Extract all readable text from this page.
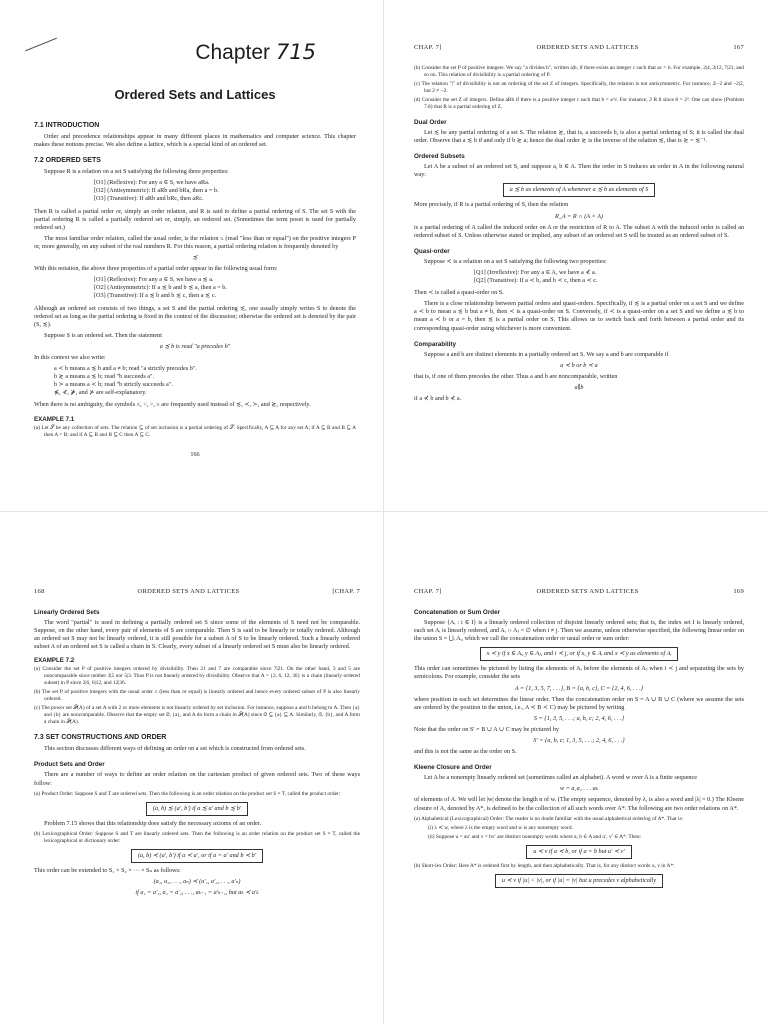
Chapter 715
Ordered Sets and Lattices
7.1 INTRODUCTION

Order and precedence relationships appear in many different places in mathematics and computer science. This chapter makes these notions precise. We also define a lattice, which is a special kind of an ordered set.

7.2 ORDERED SETS

Suppose R is a relation on a set S satisfying the following three properties:

[O1] (Reflexive): For any a ∈ S, we have aRa.
[O2] (Antisymmetric): If aRb and bRa, then a = b.
[O3] (Transitive): If aRb and bRc, then aRc.

Then R is called a partial order or, simply an order relation, and R is said to define a partial ordering of S. The set S with the partial ordering R is called a partially ordered set or, simply, an ordered set. (Sometimes the term poset is used for partially ordered set.)

The most familiar order relation, called the usual order, is the relation ≤ (read "less than or equal") on the positive integers P or, more generally, on any subset of the real numbers R. For this reason, a partial ordering relation is frequently denoted by

≾

With this notation, the above three properties of a partial order appear in the following usual form:

[O1] (Reflexive): For any a ∈ S, we have a ≾ a.
[O2] (Antisymmetric): If a ≾ b and b ≾ a, then a = b.
[O3] (Transitive): If a ≾ b and b ≾ c, then a ≾ c.

Although an ordered set consists of two things, a set S and the partial ordering ≾, one usually simply writes S to denote the ordered set as long as the partial ordering is fixed in the context of the discussion; otherwise the ordered set is denoted by the pair (S, ≾).

Suppose S is an ordered set. Then the statement

a ≾ b is read "a precedes b"

In this context we also write:

a ≺ b means a ≾ b and a ≠ b; read "a strictly precedes b".
b ≿ a means a ≾ b; read "b succeeds a".
b ≻ a means a ≺ b; read "b strictly succeeds a".
⋠, ⊀, ⋡, and ⊁ are self-explanatory.

When there is no ambiguity, the symbols ≤, <, >, ≥ are frequently used instead of ≾, ≺, ≻, and ≿, respectively.

EXAMPLE 7.1
(a) Let 𝒮 be any collection of sets. The relation ⊆ of set inclusion is a partial ordering of 𝒮. Specifically, A ⊆ A for any set A; if A ⊆ B and B ⊆ A then A = B; and if A ⊆ B and B ⊆ C then A ⊆ C.
166
CHAP. 7]	ORDERED SETS AND LATTICES	167
(b) Consider the set P of positive integers. We say "a divides b", written a|b, if there exists an integer c such that ac = b. For example, 2|4, 3|12, 7|21, and so on. This relation of divisibility is a partial ordering of P.
(c) The relation "|" of divisibility is not an ordering of the set Z of integers. Specifically, the relation is not antisymmetric. For instance, 2|−2 and −2|2, but 2 ≠ −2.
(d) Consider the set Z of integers. Define aRb if there is a positive integer r such that b = a^r. For instance, 2 R 8 since 8 = 2³. One can show (Problem 7.8) that R is a partial ordering of Z.
Dual Order

Let ≾ be any partial ordering of a set S. The relation ≿, that is, a succeeds b, is also a partial ordering of S; it is called the dual order. Observe that a ≾ b if and only if b ≿ a; hence the dual order ≿ is the inverse of the relation ≾, that is ≿ = ≾⁻¹.

Ordered Subsets

Let A be a subset of an ordered set S, and suppose a, b ∈ A. Then the order in S induces an order in A in the following natural way:

a ≾ b as elements of A whenever a ≾ b as elements of S

More precisely, if R is a partial ordering of S, then the relation

R_A = R ∩ (A × A)

is a partial ordering of A called the induced order on A or the restriction of R to A. The subset A with the induced order is called an ordered subset of S. Unless otherwise stated or implied, any subset of an ordered set S will be treated as an ordered subset of S.

Quasi-order

Suppose ≺ is a relation on a set S satisfying the following two properties:

[Q1] (Irreflexive): For any a ∈ A, we have a ⊀ a.
[Q2] (Transitive): If a ≺ b, and b ≺ c, then a ≺ c.

Then ≺ is called a quasi-order on S.

There is a close relationship between partial orders and quasi-orders. Specifically, if ≾ is a partial order on a set S and we define a ≺ b to mean a ≾ b but a ≠ b, then ≺ is a quasi-order on S. Conversely, if ≺ is a quasi-order on a set S and we define a ≾ b to mean a ≺ b or a = b, then ≾ is a partial order on S. This allows us to switch back and forth between a partial order and its corresponding quasi-order using whichever is more convenient.

Comparability

Suppose a and b are distinct elements in a partially ordered set S. We say a and b are comparable if

a ≺ b or b ≺ a

that is, if one of them precedes the other. Thus a and b are noncomparable, written

a∥b

if a ⊀ b and b ⊀ a.

168	ORDERED SETS AND LATTICES	[CHAP. 7
Linearly Ordered Sets

The word "partial" is used in defining a partially ordered set S since some of the elements of S need not be comparable. Suppose, on the other hand, every pair of elements of S are comparable. Then S is said to be linearly or totally ordered. Although an ordered set S may not be linearly ordered, it is still possible for a subset A of S to be linearly ordered. Such a linearly ordered subset A of an ordered set S is called a chain in S. Clearly, every subset of a linearly ordered set S must also be linearly ordered.

EXAMPLE 7.2
(a) Consider the set P of positive integers ordered by divisibility. Then 21 and 7 are comparable since 7|21. On the other hand, 3 and 5 are noncomparable since neither 3|5 nor 5|3. Thus P is not linearly ordered by divisibility. Observe that A = {2, 6, 12, 36} is a chain (linearly ordered subset) in P since 2|6, 6|12, and 12|36.
(b) The set P of positive integers with the usual order ≤ (less than or equal) is linearly ordered and hence every ordered subset of P is also linearly ordered.
(c) The power set 𝒫(A) of a set A with 2 or more elements is not linearly ordered by set inclusion. For instance, suppose a and b belong to A. Then {a} and {b} are noncomparable. Observe that the empty set ∅, {a}, and A do form a chain in 𝒫(A) since ∅ ⊆ {a} ⊆ A. Similarly, ∅, {b}, and A form a chain in 𝒫(A).
7.3 SET CONSTRUCTIONS AND ORDER

This section discusses different ways of defining an order on a set which is constructed from ordered sets.

Product Sets and Order

There are a number of ways to define an order relation on the cartesian product of given ordered sets. Two of these ways follow:

(a) Product Order: Suppose S and T are ordered sets. Then the following is an order relation on the product set S × T, called the product order:
(a, b) ≾ (a′, b′) if a ≾ a′ and b ≾ b′

Problem 7.15 shows that this relationship does satisfy the necessary axioms of an order.

(b) Lexicographical Order: Suppose S and T are linearly ordered sets. Then the following is an order relation on the product set S × T, called the lexicographical or dictionary order:
(a, b) ≺ (a′, b′) if a ≺ a′, or if a = a′ and b ≺ b′

This order can be extended to S₁ × S₂ × ··· × Sₙ as follows:

(a₁, a₂, . . ., aₙ) ≺ (a′₁, a′₂, . . ., a′ₙ)
if a₁ = a′₁, a₂ = a′₂, . . ., aₖ₋₁ = a′ₖ₋₁, but aₖ ≺ a′ₖ
CHAP. 7]	ORDERED SETS AND LATTICES	169
Concatenation or Sum Order

Suppose {Aᵢ : i ∈ I} is a linearly ordered collection of disjoint linearly ordered sets; that is, the index set I is linearly ordered, each set Aᵢ is linearly ordered, and Aᵢ ∩ Aⱼ = ∅ when i ≠ j. Then we assume, unless otherwise specified, the following linear order on the union S = ⋃ᵢ Aᵢ, which we call the concatenation order or usual order or sum order:

x ≺ y if x ∈ Aᵢ, y ∈ Aⱼ, and i ≺ j, or if x, y ∈ Aᵢ and x ≺ y as elements of Aᵢ

This order can sometimes be pictured by listing the elements of Aᵢ before the elements of Aⱼ when i ≺ j and separating the sets by semicolons. For example, consider the sets

A = {1, 3, 5, 7, . . .}, B = {a, b, c}, C = {2, 4, 6, . . .}

where position in each set determines the linear order. Then the concatenation order on S = A ∪ B ∪ C (where we assume the sets are ordered by the position in the union, i.e., A ≺ B ≺ C) may be pictured by writing

S = {1, 3, 5, . . .; a, b, c; 2, 4, 6, . . .}

Note that the order on S′ = B ∪ A ∪ C may be pictured by

S′ = {a, b, c; 1, 3, 5, . . .; 2, 4, 6, . . .}

and this is not the same as the order on S.

Kleene Closure and Order

Let A be a nonempty linearly ordered set (sometimes called an alphabet). A word w over A is a finite sequence

w = a₁a₂ . . . aₖ

of elements of A. We will let |w| denote the length n of w. (The empty sequence, denoted by λ, is also a word and |λ| = 0.) The Kleene closure of A, denoted by A*, is defined to be the collection of all such words over A*. The following are two order relations on A*.

(a) Alphabetical (Lexicographical) Order: The reader is no doubt familiar with the usual alphabetical ordering of A*. That is:
(i) λ ≺ w, where λ is the empty word and w is any nonempty word.
(ii) Suppose u = au′ and v = bv′ are distinct nonempty words where a, b ∈ A and u′, v′ ∈ A*. Then:
u ≺ v if a ≺ b, or if a = b but u′ ≺ v′
(b) Short-lex Order: Here A* is ordered first by length, and then alphabetically. That is, for any distinct words u, v in A*:
u ≺ v if |u| < |v|, or if |u| = |v| but u precedes v alphabetically
